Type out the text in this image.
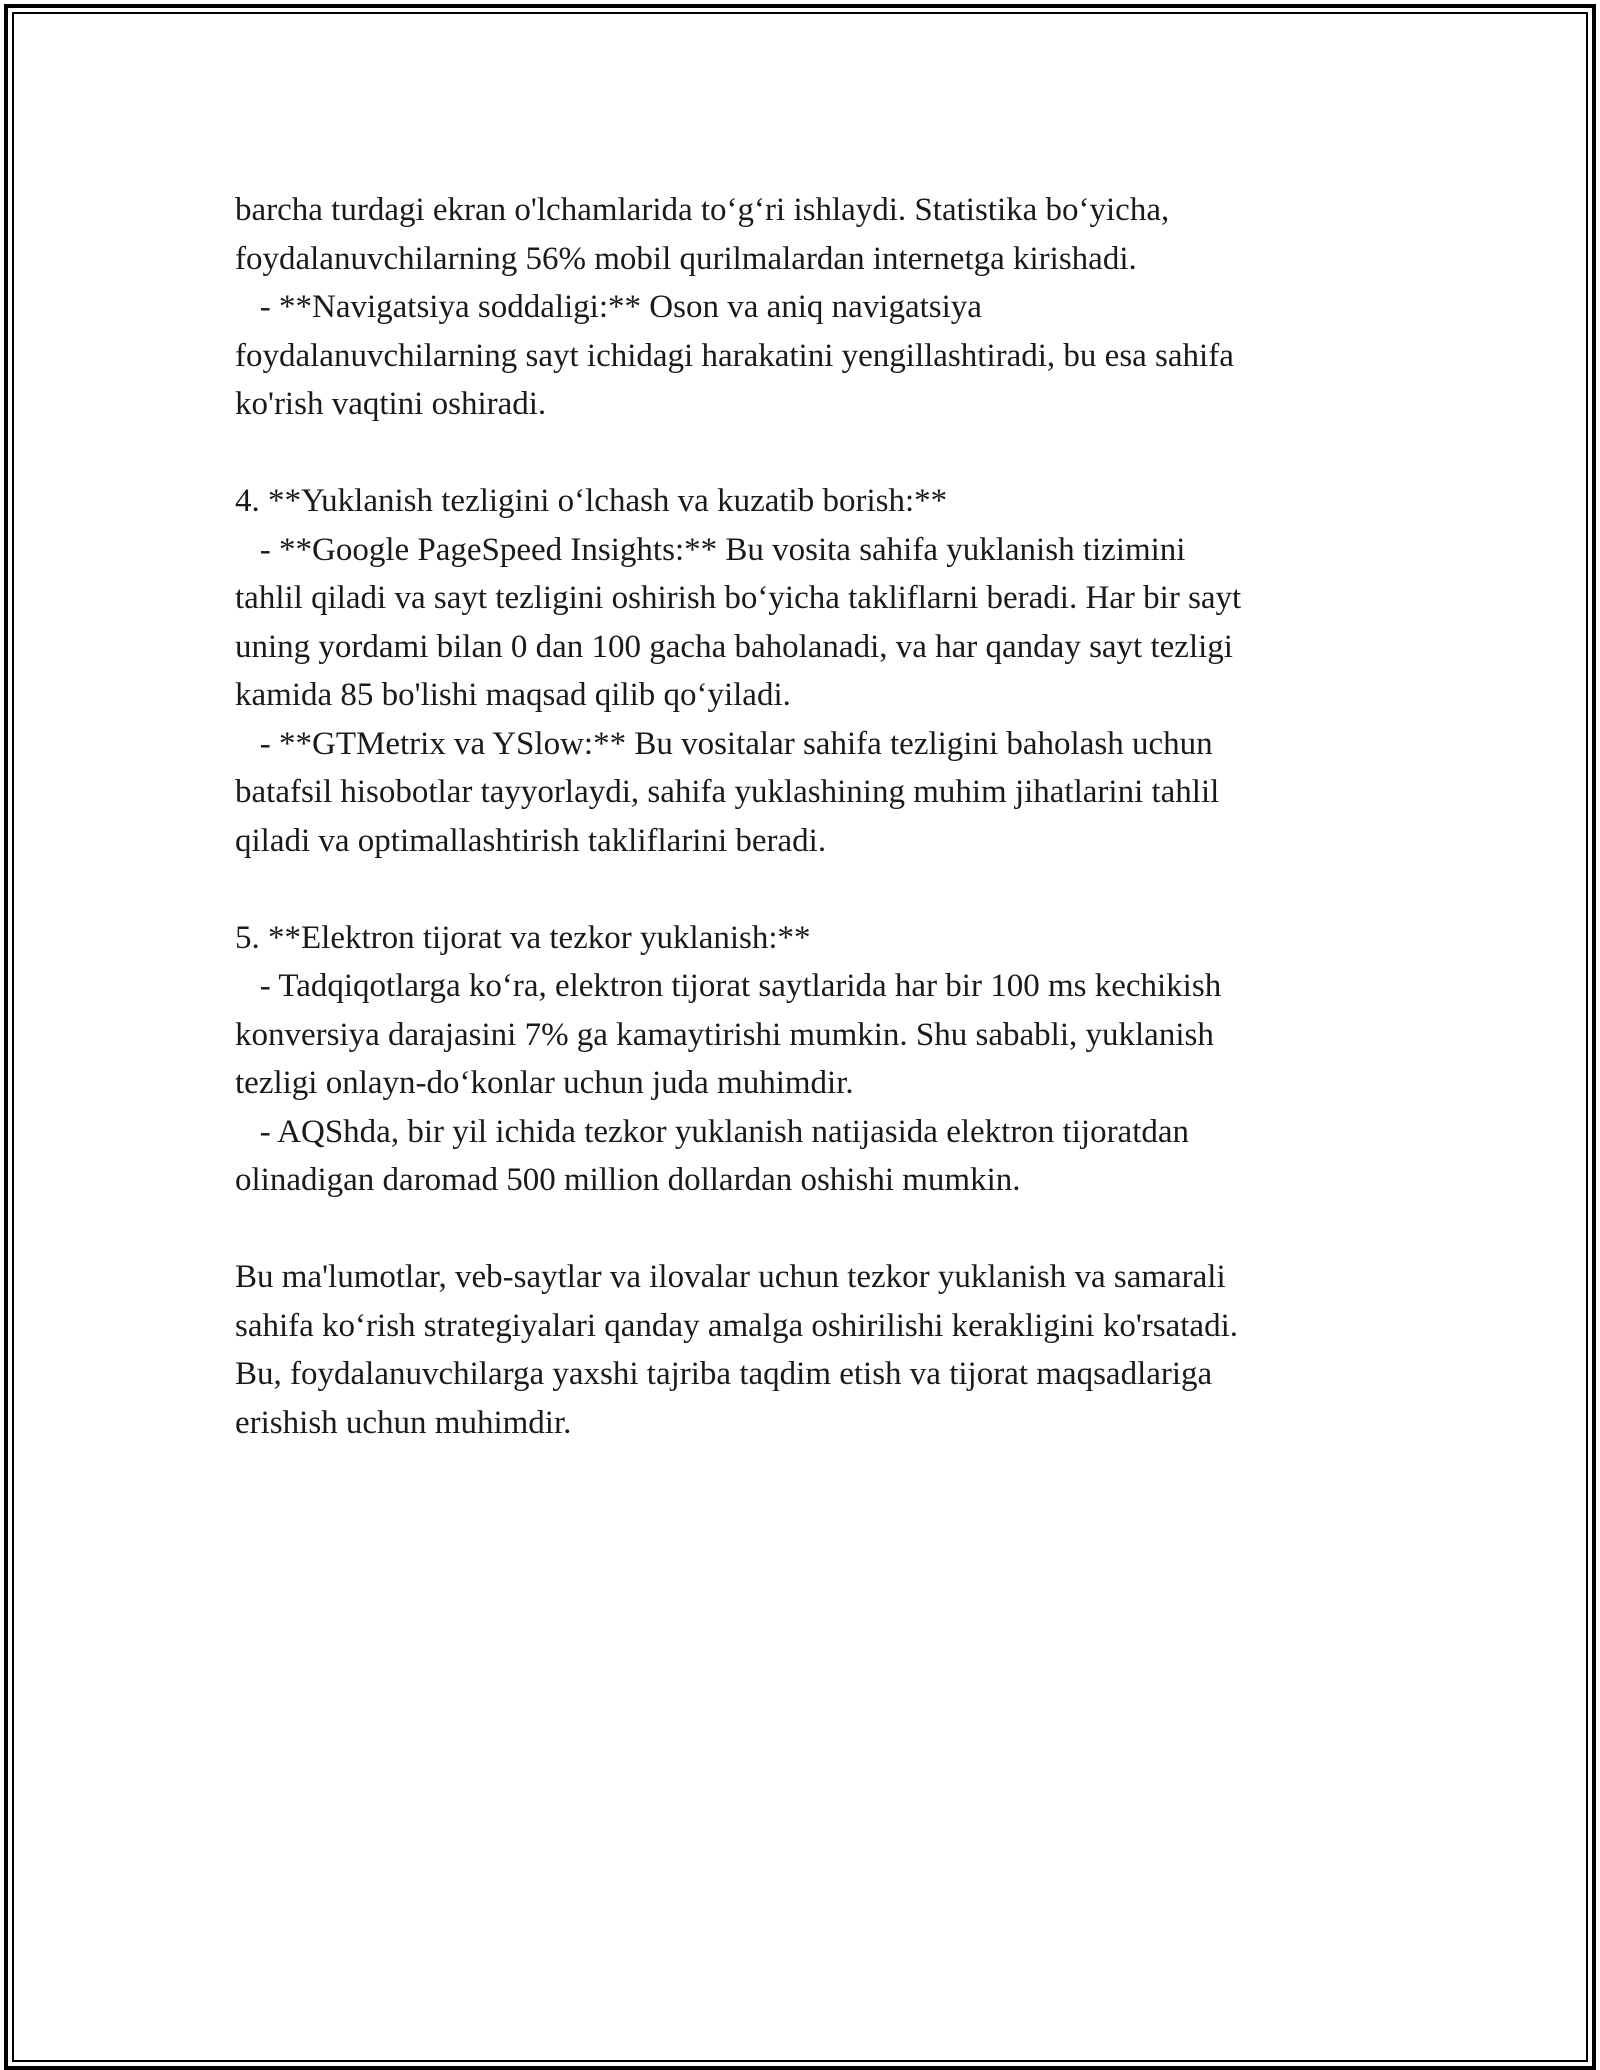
barcha turdagi ekran o'lchamlarida to‘g‘ri ishlaydi. Statistika bo‘yicha,
foydalanuvchilarning 56% mobil qurilmalardan internetga kirishadi.
- **Navigatsiya soddaligi:** Oson va aniq navigatsiya
foydalanuvchilarning sayt ichidagi harakatini yengillashtiradi, bu esa sahifa
ko'rish vaqtini oshiradi.
4. **Yuklanish tezligini o‘lchash va kuzatib borish:**
- **Google PageSpeed Insights:** Bu vosita sahifa yuklanish tizimini
tahlil qiladi va sayt tezligini oshirish bo‘yicha takliflarni beradi. Har bir sayt
uning yordami bilan 0 dan 100 gacha baholanadi, va har qanday sayt tezligi
kamida 85 bo'lishi maqsad qilib qo‘yiladi.
- **GTMetrix va YSlow:** Bu vositalar sahifa tezligini baholash uchun
batafsil hisobotlar tayyorlaydi, sahifa yuklashining muhim jihatlarini tahlil
qiladi va optimallashtirish takliflarini beradi.
5. **Elektron tijorat va tezkor yuklanish:**
- Tadqiqotlarga ko‘ra, elektron tijorat saytlarida har bir 100 ms kechikish
konversiya darajasini 7% ga kamaytirishi mumkin. Shu sababli, yuklanish
tezligi onlayn-do‘konlar uchun juda muhimdir.
- AQShda, bir yil ichida tezkor yuklanish natijasida elektron tijoratdan
olinadigan daromad 500 million dollardan oshishi mumkin.
Bu ma'lumotlar, veb-saytlar va ilovalar uchun tezkor yuklanish va samarali
sahifa ko‘rish strategiyalari qanday amalga oshirilishi kerakligini ko'rsatadi.
Bu, foydalanuvchilarga yaxshi tajriba taqdim etish va tijorat maqsadlariga
erishish uchun muhimdir.
